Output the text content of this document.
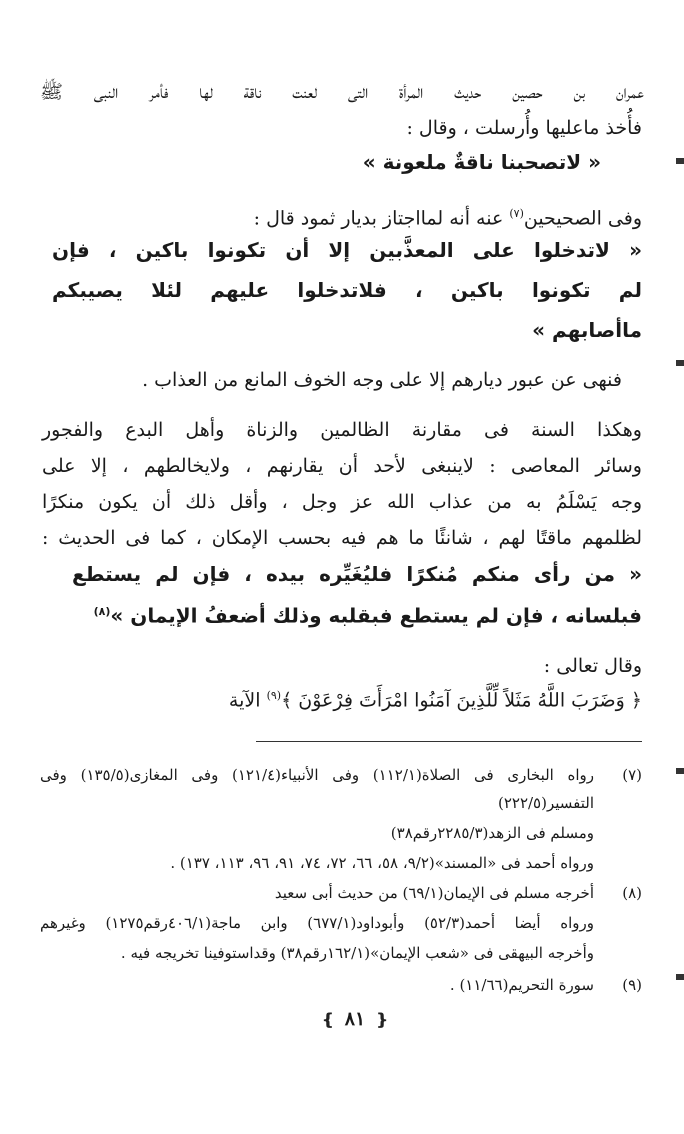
عمران بن حصين حديث المرأة التى لعنت ناقة لها فأمر النبى ﷺ
فأُخذ ماعليها وأُرسلت ، وقال :
« لاتصحبنا ناقةٌ ملعونة »
وفى الصحيحين$^{(٧)}$ عنه أنه لمااجتاز بديار ثمود قال :
« لاتدخلوا على المعذَّبين إلا أن تكونوا باكين ، فإن
لم تكونوا باكين ، فلاتدخلوا عليهم لئلا يصيبكم
ماأصابهم »
فنهى عن عبور ديارهم إلا على وجه الخوف المانع من العذاب .
وهكذا السنة فى مقارنة الظالمين والزناة وأهل البدع والفجور
وسائر المعاصى : لاينبغى لأحد أن يقارنهم ، ولايخالطهم ، إلا على
وجه يَسْلَمُ به من عذاب الله عز وجل ، وأقل ذلك أن يكون منكرًا
لظلمهم ماقتًا لهم ، شانئًا ما هم فيه بحسب الإمكان ، كما فى الحديث :
« من رأى منكم مُنكرًا فليُغَيِّره بيده ، فإن لم يستطع
فبلسانه ، فإن لم يستطع فبقلبه وذلك أضعفُ الإيمان »$^{(٨)}$
وقال تعالى :
﴿ وَضَرَبَ اللَّهُ مَثَلاً لِّلَّذِينَ آمَنُوا امْرَأَتَ فِرْعَوْنَ ﴾$^{(٩)}$ الآية
(٧)
رواه البخارى فى الصلاة(١١٢/١) وفى الأنبياء(١٢١/٤) وفى المغازى(١٣٥/٥) وفى
التفسير(٢٢٢/٥)
ومسلم فى الزهد(٢٢٨٥/٣رقم٣٨)
ورواه أحمد فى «المسند»(٩/٢، ٥٨، ٦٦، ٧٢، ٧٤، ٩١، ٩٦، ١١٣، ١٣٧) .
(٨)
أخرجه مسلم فى الإيمان(٦٩/١) من حديث أبى سعيد
ورواه أيضا أحمد(٥٢/٣) وأبوداود(٦٧٧/١) وابن ماجة(٤٠٦/١رقم١٢٧٥) وغيرهم
وأخرجه البيهقى فى «شعب الإيمان»(١٦٢/١رقم٣٨) وقداستوفينا تخريجه فيه .
(٩)
سورة التحريم(١١/٦٦) .
❴ ٨١ ❵
